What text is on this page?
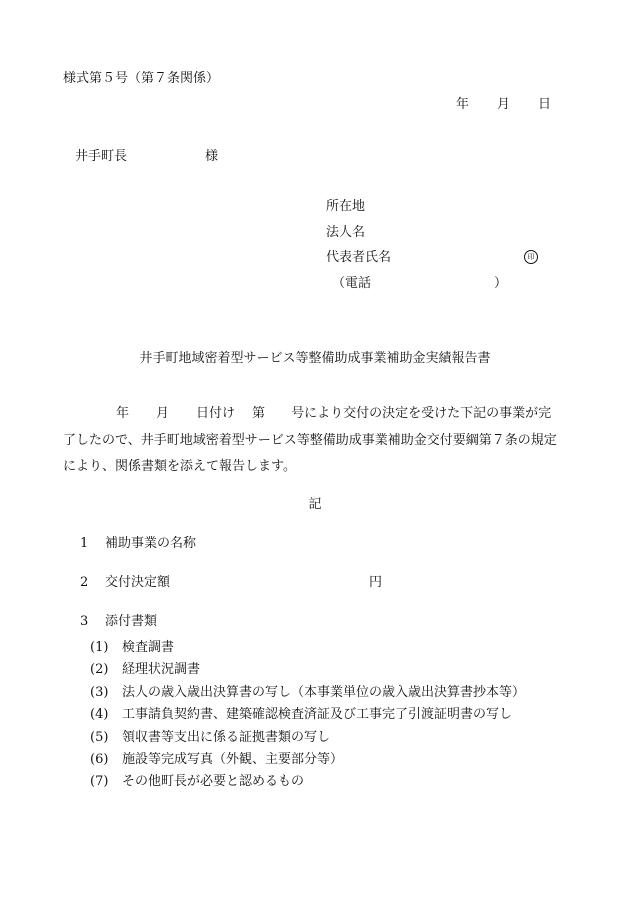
様式第５号（第７条関係）
年 月 日
井手町長	様
所在地
法人名
代表者氏名	印
（電話	）
井手町地域密着型サービス等整備助成事業補助金実績報告書
年 月 日付け 第 号により交付の決定を受けた下記の事業が完
了したので、井手町地域密着型サービス等整備助成事業補助金交付要綱第７条の規定
により、関係書類を添えて報告します。
記
1 補助事業の名称
2 交付決定額	円
3 添付書類
(1) 検査調書
(2) 経理状況調書
(3) 法人の歳入歳出決算書の写し（本事業単位の歳入歳出決算書抄本等）
(4) 工事請負契約書、建築確認検査済証及び工事完了引渡証明書の写し
(5) 領収書等支出に係る証拠書類の写し
(6) 施設等完成写真（外観、主要部分等）
(7) その他町長が必要と認めるもの
